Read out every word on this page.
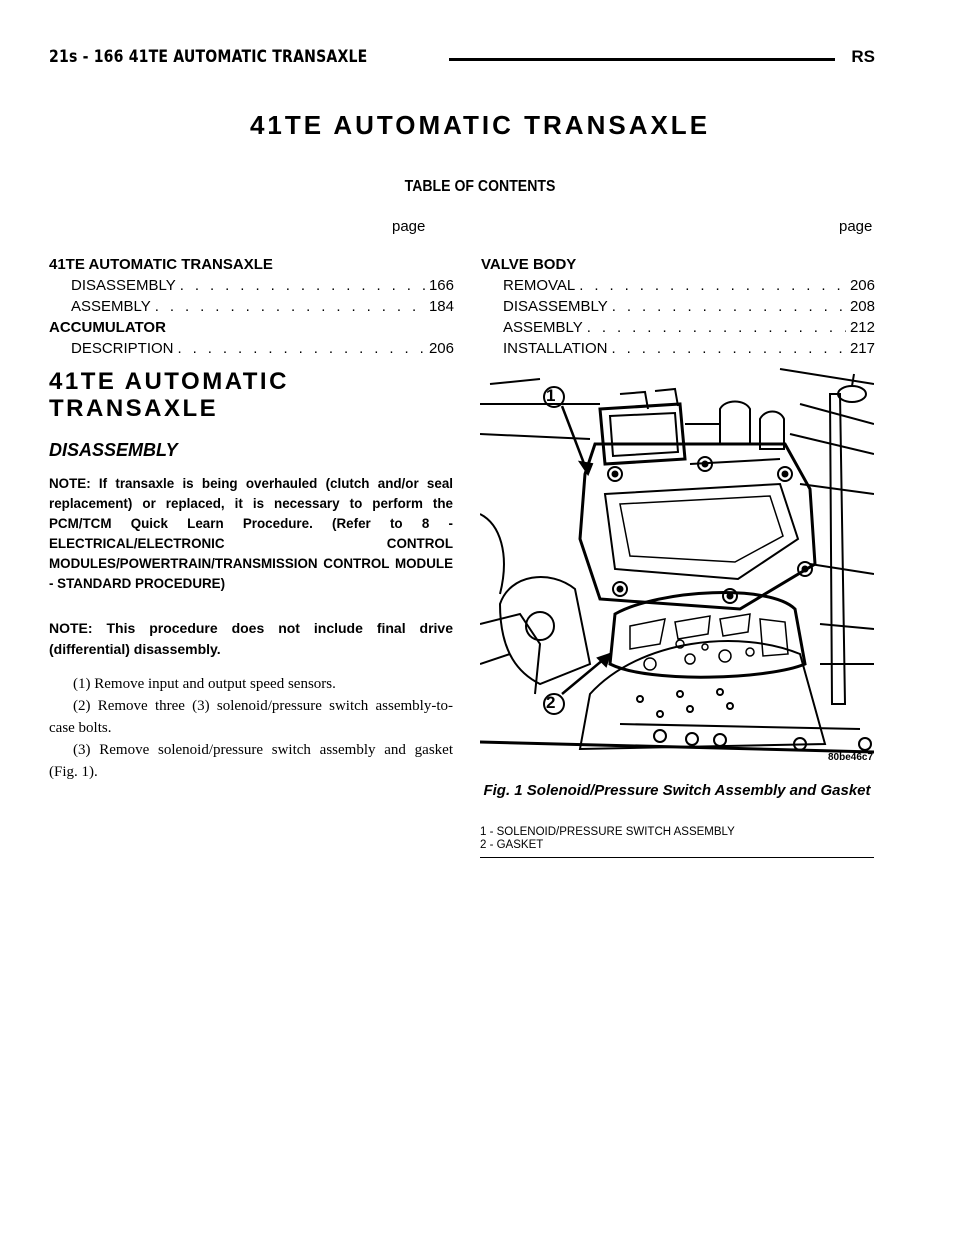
21s - 166 41TE AUTOMATIC TRANSAXLE	RS
41TE AUTOMATIC TRANSAXLE
TABLE OF CONTENTS
page	page
41TE AUTOMATIC TRANSAXLE
DISASSEMBLY . . .	166
ASSEMBLY . . .	184
ACCUMULATOR
DESCRIPTION . . .	206
VALVE BODY
REMOVAL . . .	206
DISASSEMBLY . . .	208
ASSEMBLY . . .	212
INSTALLATION . . .	217
41TE AUTOMATIC
TRANSAXLE
DISASSEMBLY
NOTE: If transaxle is being overhauled (clutch and/or seal replacement) or replaced, it is necessary to perform the PCM/TCM Quick Learn Procedure. (Refer to 8 - ELECTRICAL/ELECTRONIC CONTROL MODULES/POWERTRAIN/TRANSMISSION CONTROL MODULE - STANDARD PROCEDURE)
NOTE: This procedure does not include final drive (differential) disassembly.
(1) Remove input and output speed sensors.
(2) Remove three (3) solenoid/pressure switch assembly-to-case bolts.
(3) Remove solenoid/pressure switch assembly and gasket (Fig. 1).
1
2
80be46c7
Fig. 1 Solenoid/Pressure Switch Assembly and Gasket
1 - SOLENOID/PRESSURE SWITCH ASSEMBLY
2 - GASKET
